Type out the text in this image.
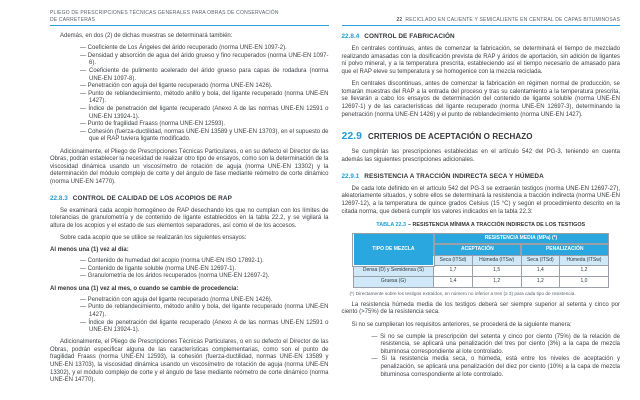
PLIEGO DE PRESCRIPCIONES TÉCNICAS GENERALES PARA OBRAS DE CONSERVACIÓN
DE CARRETERAS	22 RECICLADO EN CALIENTE Y SEMICALIENTE EN CENTRAL DE CAPAS BITUMINOSAS
Además, en dos (2) de dichas muestras se determinará también:
— Coeficiente de Los Ángeles del árido recuperado (norma UNE-EN 1097-2).
— Densidad y absorción de agua del árido grueso y fino recuperados (norma UNE-EN 1097-6).
— Coeficiente de pulimento acelerado del árido grueso para capas de rodadura (norma UNE-EN 1097-8).
— Penetración con aguja del ligante recuperado (norma UNE-EN 1426).
— Punto de reblandecimiento, método anillo y bola, del ligante recuperado (norma UNE-EN 1427).
— Índice de penetración del ligante recuperado (Anexo A de las normas UNE-EN 12591 o UNE-EN 13924-1).
— Punto de fragilidad Fraass (norma UNE-EN 12593).
— Cohesión (fuerza-ductilidad, normas UNE-EN 13589 y UNE-EN 13703), en el supuesto de que el RAP tuviera ligante modificado.
Adicionalmente, el Pliego de Prescripciones Técnicas Particulares, o en su defecto el Director de las Obras, podrán establecer la necesidad de realizar otro tipo de ensayos, como son la determinación de la viscosidad dinámica usando un viscosímetro de rotación de aguja (norma UNE-EN 13302) y la determinación del módulo complejo de corte y del ángulo de fase mediante reómetro de corte dinámico (norma UNE-EN 14770).
22.8.3 CONTROL DE CALIDAD DE LOS ACOPIOS DE RAP
Se examinará cada acopio homogéneo de RAP desechando los que no cumplan con los límites de tolerancias de granulometría y de contenido de ligante establecidos en la tabla 22.2, y se vigilará la altura de los acopios y el estado de sus elementos separadores, así como el de los accesos.
Sobre cada acopio que se utilice se realizarán los siguientes ensayos:
Al menos una (1) vez al día:
— Contenido de humedad del acopio (norma UNE-EN ISO 17892-1).
— Contenido de ligante soluble (norma UNE-EN 12697-1).
— Granulometría de los áridos recuperados (norma UNE-EN 12697-2).
Al menos una (1) vez al mes, o cuando se cambie de procedencia:
— Penetración con aguja del ligante recuperado (norma UNE-EN 1426).
— Punto de reblandecimiento, método anillo y bola, del ligante recuperado (norma UNE-EN 1427).
— Índice de penetración del ligante recuperado (Anexo A de las normas UNE-EN 12591 o UNE-EN 13924-1).
Adicionalmente, el Pliego de Prescripciones Técnicas Particulares, o en su defecto el Director de las Obras, podrán especificar alguna de las características complementarias, como son el punto de fragilidad Fraass (norma UNE-EN 12593), la cohesión (fuerza-ductilidad, normas UNE-EN 13589 y UNE-EN 13703), la viscosidad dinámica usando un viscosímetro de rotación de aguja (norma UNE-EN 13302), y el módulo complejo de corte y el ángulo de fase mediante reómetro de corte dinámico (norma UNE-EN 14770).
22.8.4 CONTROL DE FABRICACIÓN
En centrales continuas, antes de comenzar la fabricación, se determinará el tiempo de mezclado realizando amasadas con la dosificación prevista de RAP y áridos de aportación, sin adición de ligantes ni polvo mineral, y a la temperatura prescrita, estableciendo así el tiempo necesario de amasado para que el RAP eleve su temperatura y se homogenice con la mezcla reciclada.
En centrales discontinuas, antes de comenzar la fabricación en régimen normal de producción, se tomarán muestras del RAP a la entrada del proceso y tras su calentamiento a la temperatura prescrita, se llevarán a cabo los ensayos de determinación del contenido de ligante soluble (norma UNE-EN 12697-1) y de las características del ligante recuperado (norma UNE-EN 12697-3), determinando la penetración (norma UNE-EN 1426) y el punto de reblandecimiento (norma UNE-EN 1427).
22.9 CRITERIOS DE ACEPTACIÓN O RECHAZO
Se cumplirán las prescripciones establecidas en el artículo 542 del PG-3, teniendo en cuenta además las siguientes prescripciones adicionales.
22.9.1 RESISTENCIA A TRACCIÓN INDIRECTA SECA Y HÚMEDA
De cada lote definido en el artículo 542 del PG-3 se extraerán testigos (norma UNE-EN 12697-27), aleatoriamente situados, y sobre ellos se determinará la resistencia a tracción indirecta (norma UNE-EN 12697-12), a la temperatura de quince grados Celsius (15 °C) y según el procedimiento descrito en la citada norma, que deberá cumplir los valores indicados en la tabla 22.3:
TABLA 22.3 – RESISTENCIA MÍNIMA A TRACCIÓN INDIRECTA DE LOS TESTIGOS
TIPO DE MEZCLA	RESISTENCIA MEDIA (MPa) (*)			
	ACEPTACIÓN		PENALIZACIÓN	
	Seca (ITSd)	Húmeda (ITSw)	Seca (ITSd)	Húmeda (ITSw)
Densa (D) y Semidensa (S)	1,7	1,5	1,4	1,2
Gruesa (G)	1,4	1,2	1,2	1,0
(*) Directamente sobre los testigos extraídos, en número no inferior a tres (≥ 3) para cada tipo de resistencia.
La resistencia húmeda media de los testigos deberá ser siempre superior al setenta y cinco por ciento (>75%) de la resistencia seca.
Si no se cumplieran los requisitos anteriores, se procederá de la siguiente manera:
— Si no se cumple la prescripción del setenta y cinco por ciento (75%) de la relación de resistencia, se aplicará una penalización del tres por ciento (3%) a la capa de mezcla bituminosa correspondiente al lote controlado.
— Si la resistencia media seca, o húmeda, está entre los niveles de aceptación y penalización, se aplicará una penalización del diez por ciento (10%) a la capa de mezcla bituminosa correspondiente al lote controlado.
